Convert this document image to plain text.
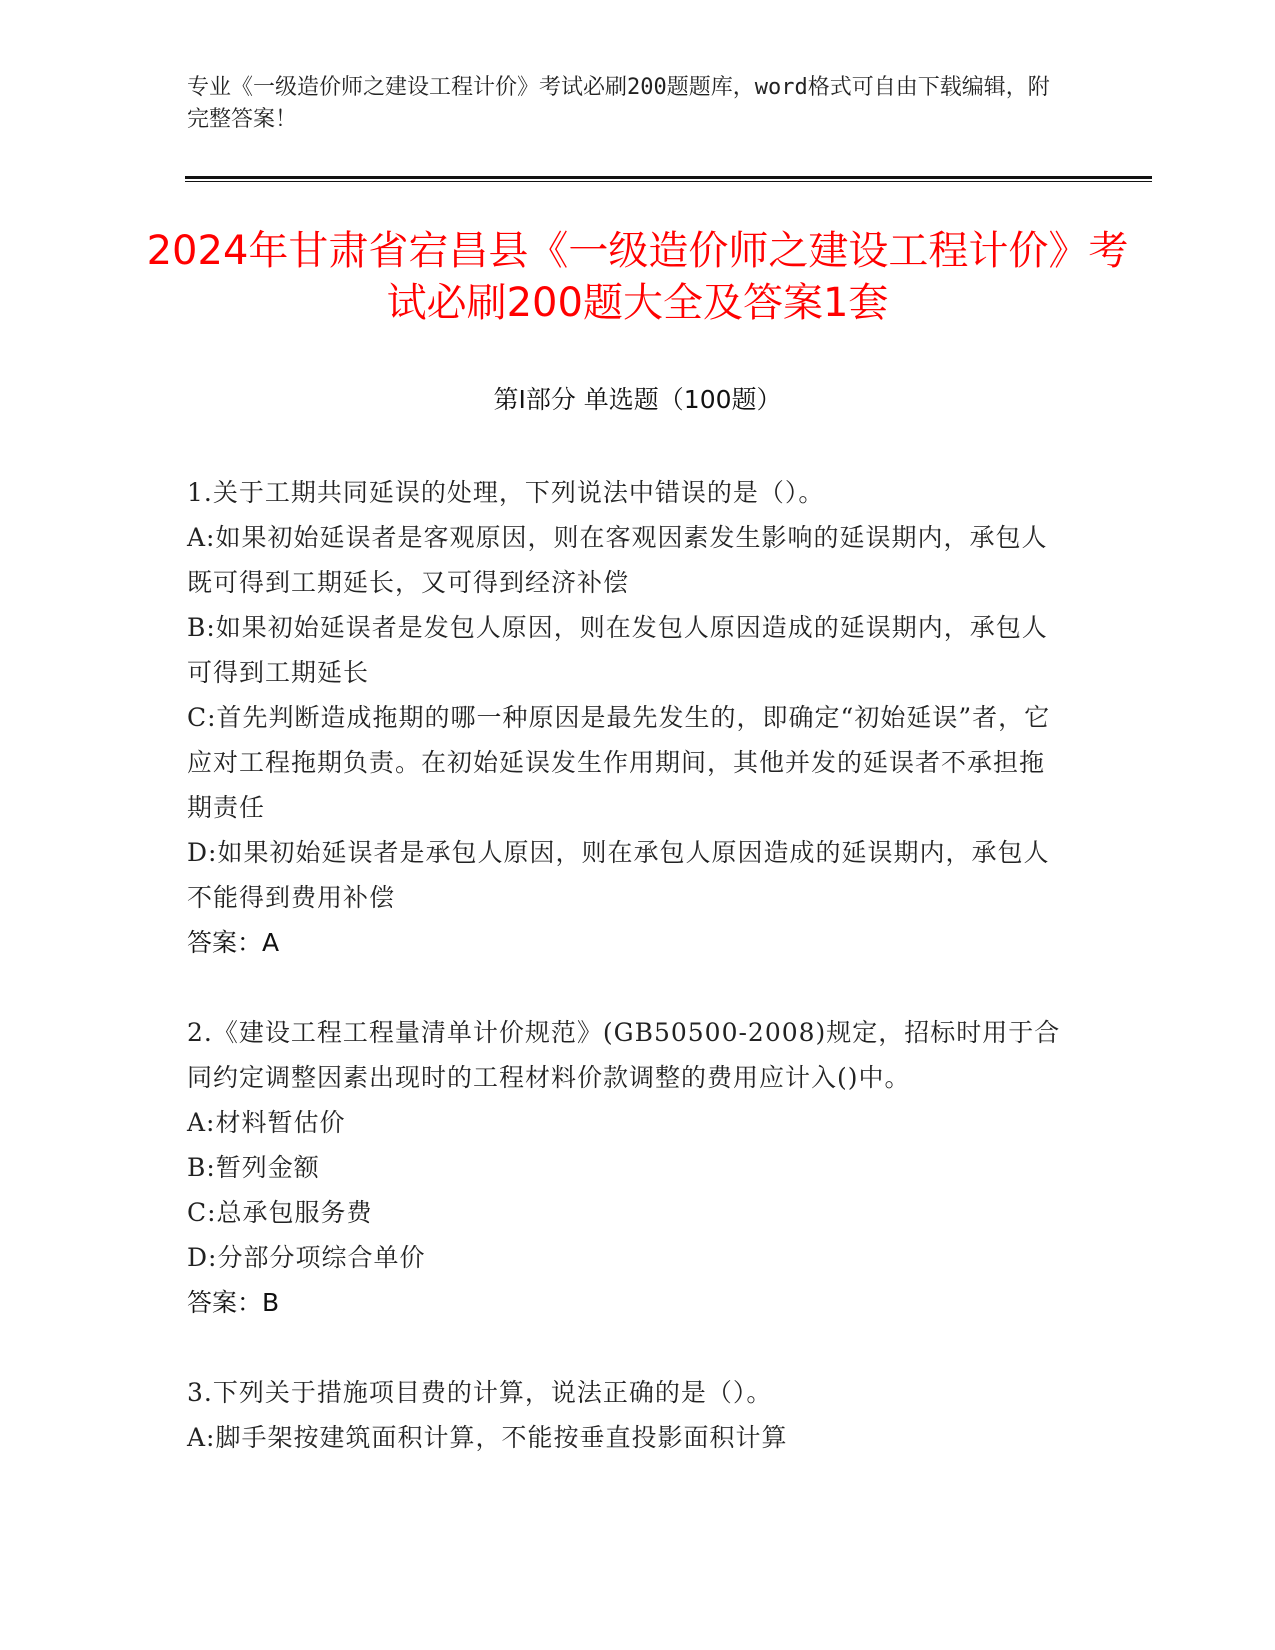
专业《一级造价师之建设工程计价》考试必刷200题题库，word格式可自由下载编辑，附完整答案！
2024年甘肃省宕昌县《一级造价师之建设工程计价》考试必刷200题大全及答案1套
第I部分 单选题（100题）
1.关于工期共同延误的处理，下列说法中错误的是（）。
A:如果初始延误者是客观原因，则在客观因素发生影响的延误期内，承包人既可得到工期延长，又可得到经济补偿
B:如果初始延误者是发包人原因，则在发包人原因造成的延误期内，承包人可得到工期延长
C:首先判断造成拖期的哪一种原因是最先发生的，即确定“初始延误”者，它应对工程拖期负责。在初始延误发生作用期间，其他并发的延误者不承担拖期责任
D:如果初始延误者是承包人原因，则在承包人原因造成的延误期内，承包人不能得到费用补偿
答案：A
2.《建设工程工程量清单计价规范》(GB50500-2008)规定，招标时用于合同约定调整因素出现时的工程材料价款调整的费用应计入()中。
A:材料暂估价
B:暂列金额
C:总承包服务费
D:分部分项综合单价
答案：B
3.下列关于措施项目费的计算，说法正确的是（）。
A:脚手架按建筑面积计算，不能按垂直投影面积计算
